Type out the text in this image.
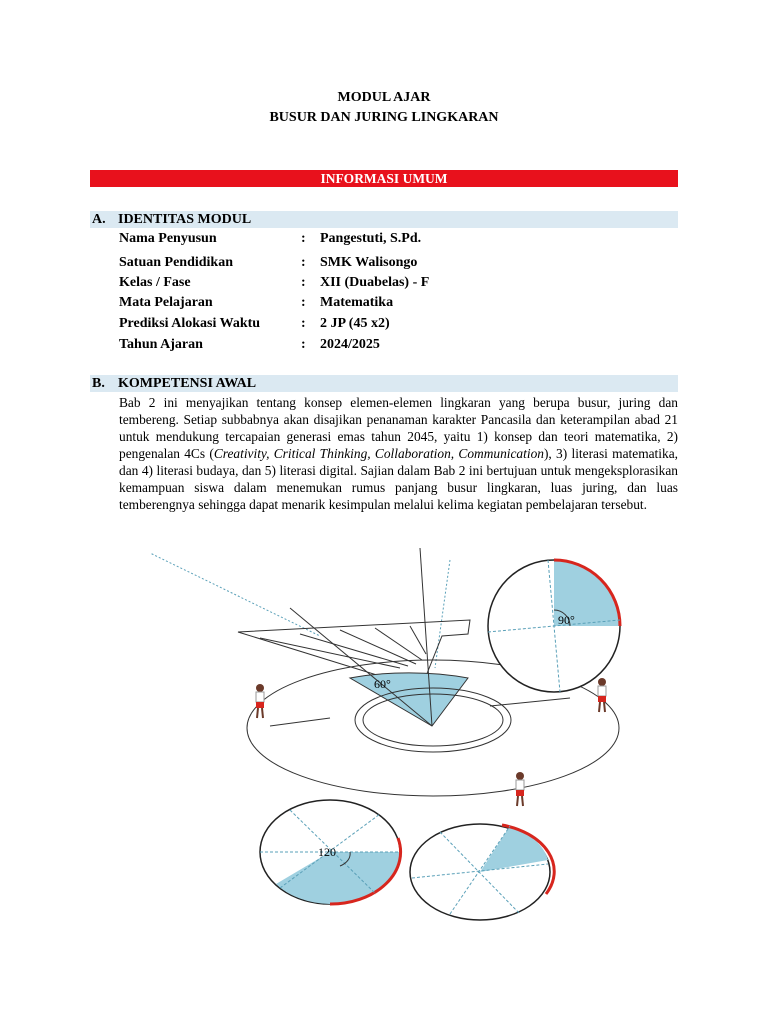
MODUL AJAR
BUSUR DAN JURING LINGKARAN
INFORMASI UMUM
A. IDENTITAS MODUL
Nama Penyusun	: Pangestuti, S.Pd.
Satuan Pendidikan	: SMK Walisongo
Kelas / Fase	: XII (Duabelas) - F
Mata Pelajaran	: Matematika
Prediksi Alokasi Waktu	: 2 JP (45 x2)
Tahun Ajaran	: 2024/2025
B. KOMPETENSI AWAL
Bab 2 ini menyajikan tentang konsep elemen-elemen lingkaran yang berupa busur, juring dan tembereng. Setiap subbabnya akan disajikan penanaman karakter Pancasila dan keterampilan abad 21 untuk mendukung tercapaian generasi emas tahun 2045, yaitu 1) konsep dan teori matematika, 2) pengenalan 4Cs (Creativity, Critical Thinking, Collaboration, Communication), 3) literasi matematika, dan 4) literasi budaya, dan 5) literasi digital. Sajian dalam Bab 2 ini bertujuan untuk mengeksplorasikan kemampuan siswa dalam menemukan rumus panjang busur lingkaran, luas juring, dan luas temberengnya sehingga dapat menarik kesimpulan melalui kelima kegiatan pembelajaran tersebut.
60°
90°
120
